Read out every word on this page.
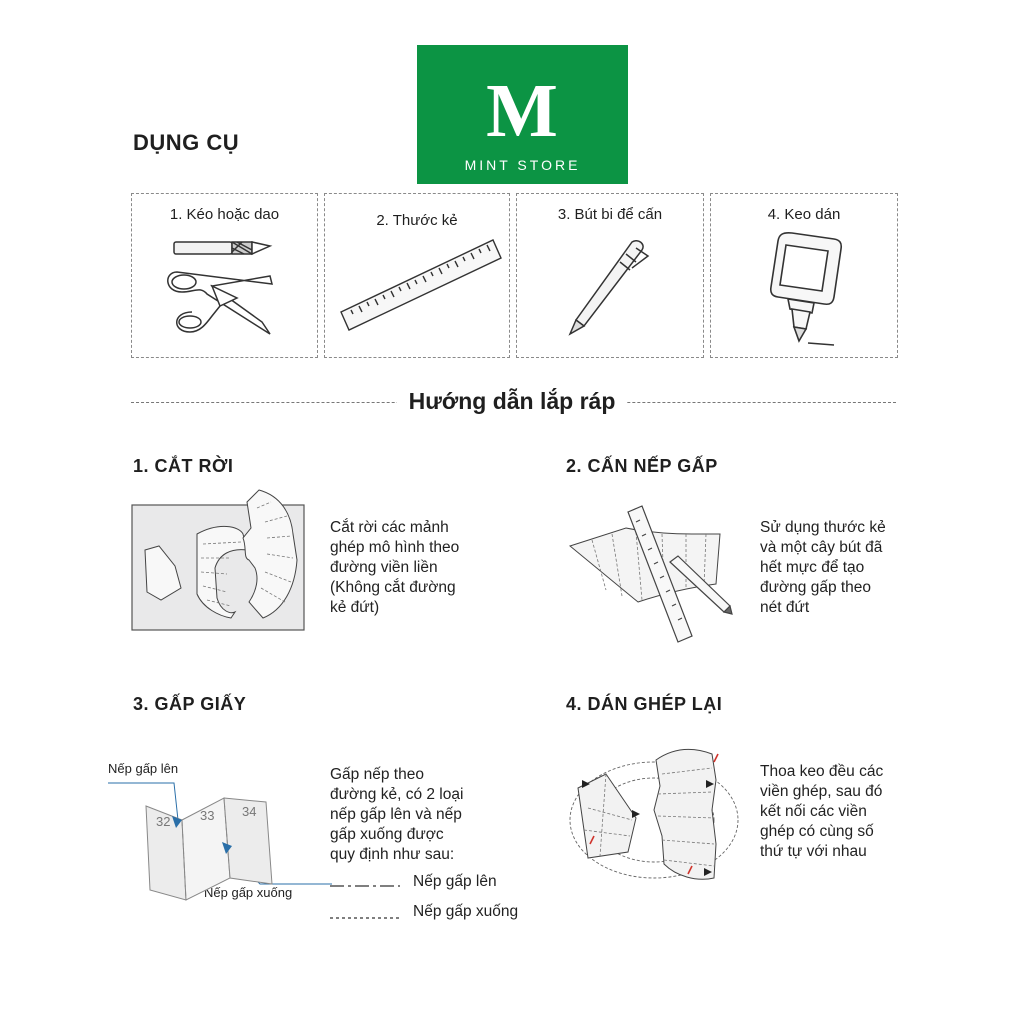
M
MINT STORE
DỤNG CỤ
1. Kéo hoặc dao	2. Thước kẻ	3. Bút bi để cấn	4. Keo dán
Hướng dẫn lắp ráp
1. CẮT RỜI
Cắt rời các mảnh
ghép mô hình theo
đường viền liền
(Không cắt đường
kẻ đứt)
2. CẤN NẾP GẤP
Sử dụng thước kẻ
và một cây bút đã
hết mực để tạo
đường gấp theo
nét đứt
3. GẤP GIẤY
Nếp gấp lên
Nếp gấp xuống
32 33 34
Gấp nếp theo
đường kẻ, có 2 loại
nếp gấp lên và nếp
gấp xuống được
quy định như sau:
Nếp gấp lên
Nếp gấp xuống
4. DÁN GHÉP LẠI
Thoa keo đều các
viền ghép, sau đó
kết nối các viền
ghép có cùng số
thứ tự với nhau
